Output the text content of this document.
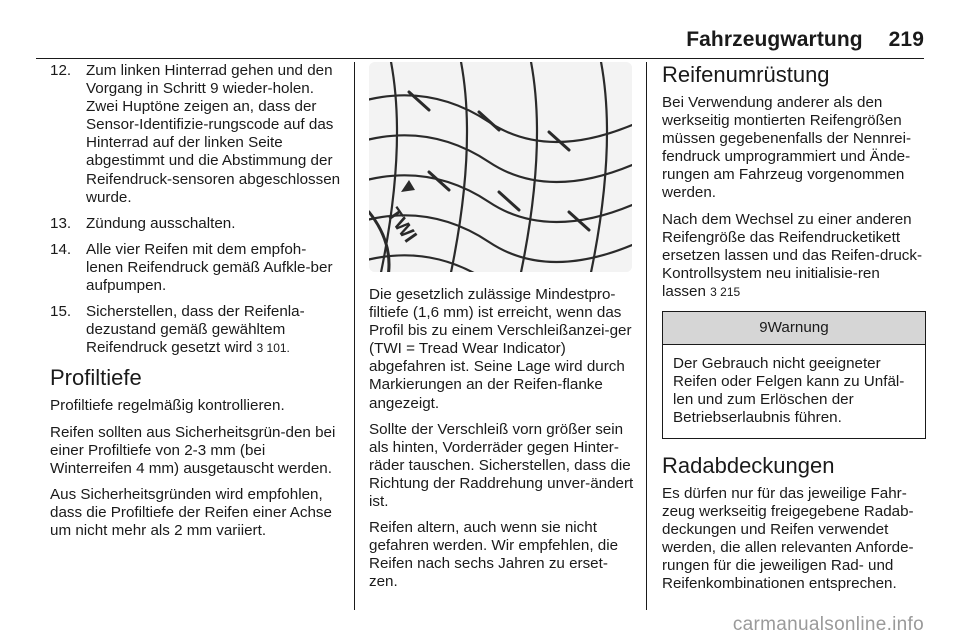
Fahrzeugwartung 219
12. Zum linken Hinterrad gehen und den Vorgang in Schritt 9 wieder-holen. Zwei Huptöne zeigen an, dass der Sensor-Identifizie-rungscode auf das Hinterrad auf der linken Seite abgestimmt und die Abstimmung der Reifendruck-sensoren abgeschlossen wurde.
13. Zündung ausschalten.
14. Alle vier Reifen mit dem empfoh-lenen Reifendruck gemäß Aufkle-ber aufpumpen.
15. Sicherstellen, dass der Reifenla-dezustand gemäß gewähltem Reifendruck gesetzt wird 3 101.
Profiltiefe

Profiltiefe regelmäßig kontrollieren.

Reifen sollten aus Sicherheitsgrün-den bei einer Profiltiefe von 2-3 mm (bei Winterreifen 4 mm) ausgetauscht werden.

Aus Sicherheitsgründen wird empfohlen, dass die Profiltiefe der Reifen einer Achse um nicht mehr als 2 mm variiert.

TWI

Die gesetzlich zulässige Mindestpro-filtiefe (1,6 mm) ist erreicht, wenn das Profil bis zu einem Verschleißanzei-ger (TWI = Tread Wear Indicator) abgefahren ist. Seine Lage wird durch Markierungen an der Reifen-flanke angezeigt.

Sollte der Verschleiß vorn größer sein als hinten, Vorderräder gegen Hinter-räder tauschen. Sicherstellen, dass die Richtung der Raddrehung unver-ändert ist.

Reifen altern, auch wenn sie nicht gefahren werden. Wir empfehlen, die Reifen nach sechs Jahren zu erset-zen.

Reifenumrüstung

Bei Verwendung anderer als den werkseitig montierten Reifengrößen müssen gegebenenfalls der Nennrei-fendruck umprogrammiert und Ände-rungen am Fahrzeug vorgenommen werden.

Nach dem Wechsel zu einer anderen Reifengröße das Reifendrucketikett ersetzen lassen und das Reifen-druck-Kontrollsystem neu initialisie-ren lassen 3 215

9Warnung
Der Gebrauch nicht geeigneter Reifen oder Felgen kann zu Unfäl-len und zum Erlöschen der Betriebserlaubnis führen.
Radabdeckungen

Es dürfen nur für das jeweilige Fahr-zeug werkseitig freigegebene Radab-deckungen und Reifen verwendet werden, die allen relevanten Anforde-rungen für die jeweiligen Rad- und Reifenkombinationen entsprechen.

carmanualsonline.info
